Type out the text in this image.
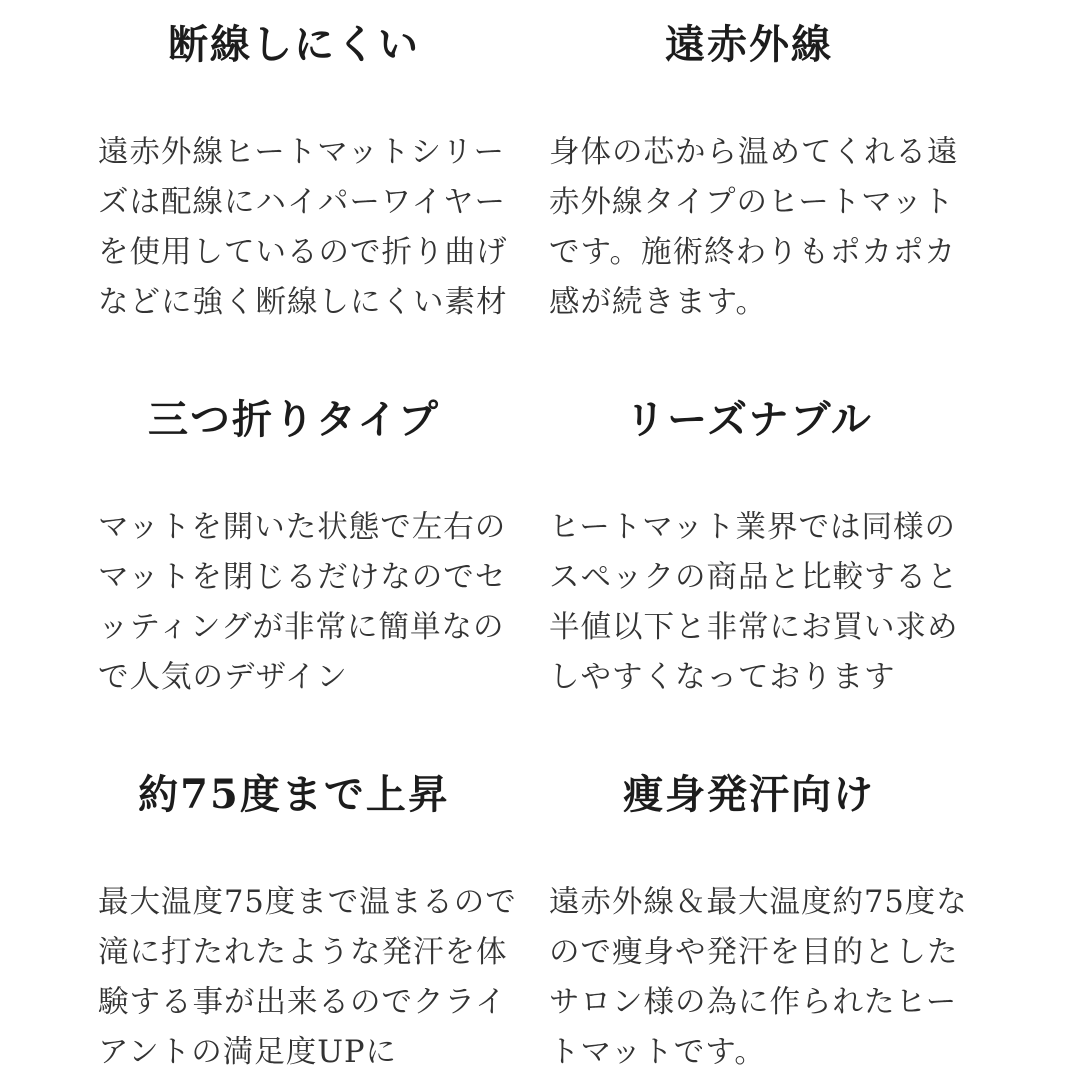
断線しにくい

遠赤外線ヒートマットシリー
ズは配線にハイパーワイヤー
を使用しているので折り曲げ
などに強く断線しにくい素材

遠赤外線

身体の芯から温めてくれる遠
赤外線タイプのヒートマット
です。施術終わりもポカポカ
感が続きます。

三つ折りタイプ

マットを開いた状態で左右の
マットを閉じるだけなのでセ
ッティングが非常に簡単なの
で人気のデザイン

リーズナブル

ヒートマット業界では同様の
スペックの商品と比較すると
半値以下と非常にお買い求め
しやすくなっております

約75度まで上昇

最大温度75度まで温まるので
滝に打たれたような発汗を体
験する事が出来るのでクライ
アントの満足度UPに

痩身発汗向け

遠赤外線＆最大温度約75度な
ので痩身や発汗を目的とした
サロン様の為に作られたヒー
トマットです。
